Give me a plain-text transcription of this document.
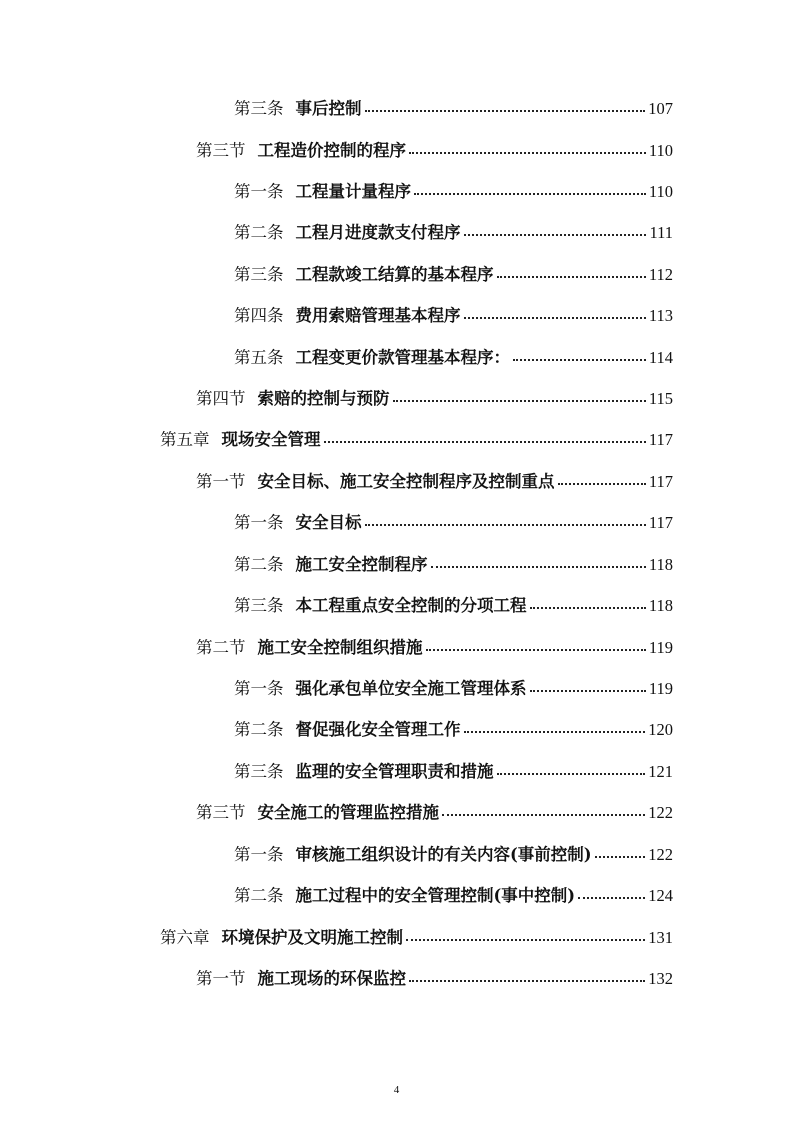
第三条 事后控制	107
第三节 工程造价控制的程序	110
第一条 工程量计量程序	110
第二条 工程月进度款支付程序	111
第三条 工程款竣工结算的基本程序	112
第四条 费用索赔管理基本程序	113
第五条 工程变更价款管理基本程序：	114
第四节 索赔的控制与预防	115
第五章 现场安全管理	117
第一节 安全目标、施工安全控制程序及控制重点	117
第一条 安全目标	117
第二条 施工安全控制程序	118
第三条 本工程重点安全控制的分项工程	118
第二节 施工安全控制组织措施	119
第一条 强化承包单位安全施工管理体系	119
第二条 督促强化安全管理工作	120
第三条 监理的安全管理职责和措施	121
第三节 安全施工的管理监控措施	122
第一条 审核施工组织设计的有关内容(事前控制)	122
第二条 施工过程中的安全管理控制(事中控制)	124
第六章 环境保护及文明施工控制	131
第一节 施工现场的环保监控	132
4
